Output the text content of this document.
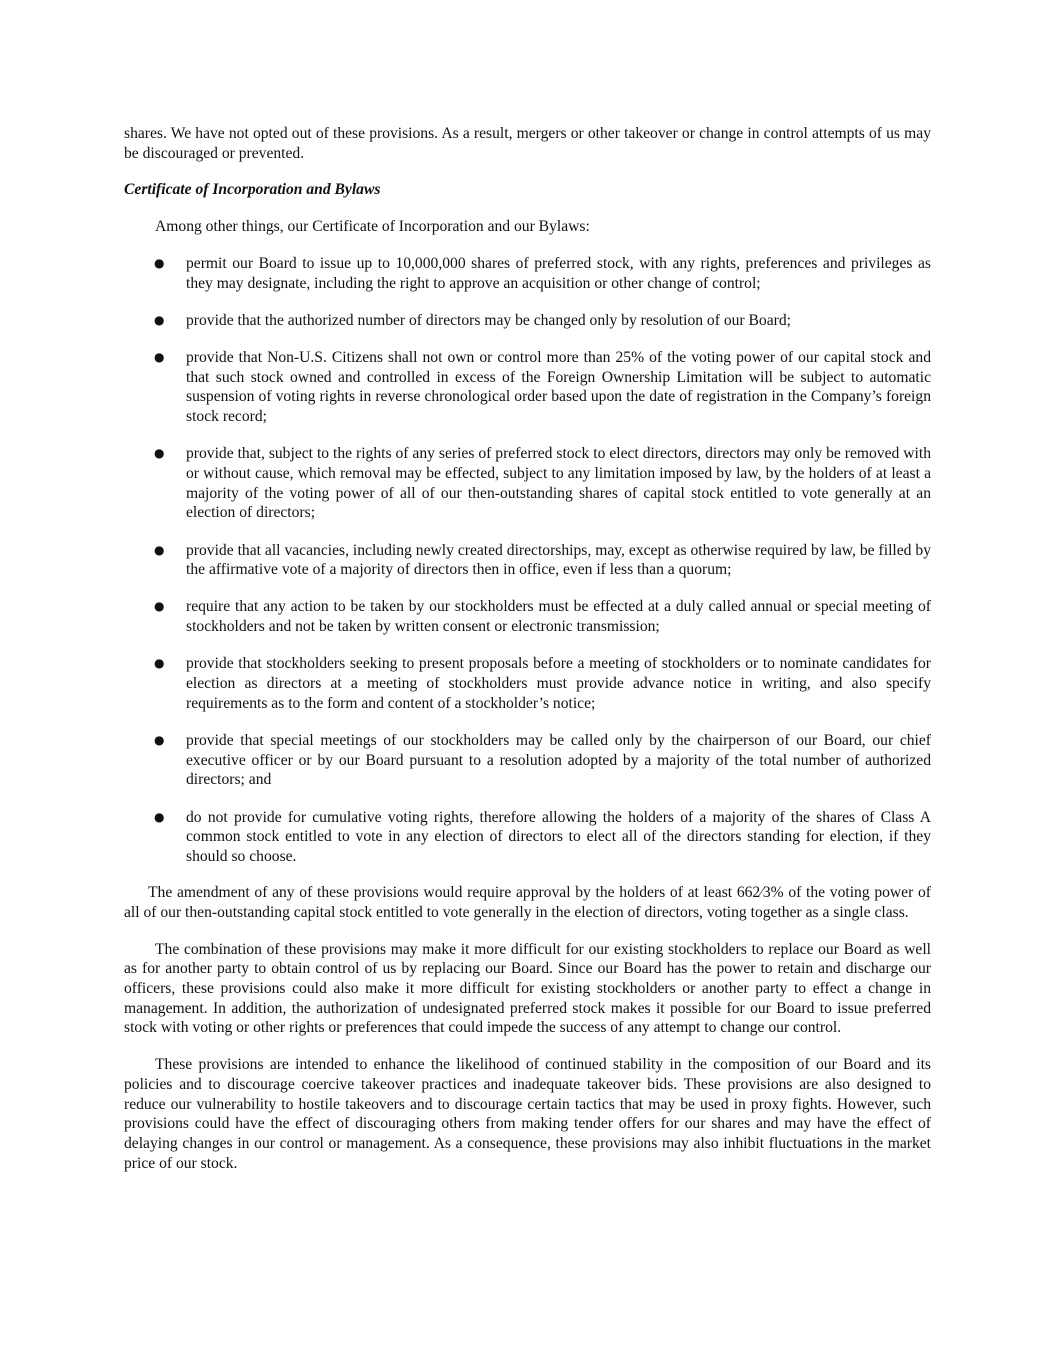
shares. We have not opted out of these provisions. As a result, mergers or other takeover or change in control attempts of us may be discouraged or prevented.

Certificate of Incorporation and Bylaws

Among other things, our Certificate of Incorporation and our Bylaws:

● permit our Board to issue up to 10,000,000 shares of preferred stock, with any rights, preferences and privileges as they may designate, including the right to approve an acquisition or other change of control;
● provide that the authorized number of directors may be changed only by resolution of our Board;
● provide that Non-U.S. Citizens shall not own or control more than 25% of the voting power of our capital stock and that such stock owned and controlled in excess of the Foreign Ownership Limitation will be subject to automatic suspension of voting rights in reverse chronological order based upon the date of registration in the Company’s foreign stock record;
● provide that, subject to the rights of any series of preferred stock to elect directors, directors may only be removed with or without cause, which removal may be effected, subject to any limitation imposed by law, by the holders of at least a majority of the voting power of all of our then-outstanding shares of capital stock entitled to vote generally at an election of directors;
● provide that all vacancies, including newly created directorships, may, except as otherwise required by law, be filled by the affirmative vote of a majority of directors then in office, even if less than a quorum;
● require that any action to be taken by our stockholders must be effected at a duly called annual or special meeting of stockholders and not be taken by written consent or electronic transmission;
● provide that stockholders seeking to present proposals before a meeting of stockholders or to nominate candidates for election as directors at a meeting of stockholders must provide advance notice in writing, and also specify requirements as to the form and content of a stockholder’s notice;
● provide that special meetings of our stockholders may be called only by the chairperson of our Board, our chief executive officer or by our Board pursuant to a resolution adopted by a majority of the total number of authorized directors; and
● do not provide for cumulative voting rights, therefore allowing the holders of a majority of the shares of Class A common stock entitled to vote in any election of directors to elect all of the directors standing for election, if they should so choose.

The amendment of any of these provisions would require approval by the holders of at least 662⁄3% of the voting power of all of our then-outstanding capital stock entitled to vote generally in the election of directors, voting together as a single class.

The combination of these provisions may make it more difficult for our existing stockholders to replace our Board as well as for another party to obtain control of us by replacing our Board. Since our Board has the power to retain and discharge our officers, these provisions could also make it more difficult for existing stockholders or another party to effect a change in management. In addition, the authorization of undesignated preferred stock makes it possible for our Board to issue preferred stock with voting or other rights or preferences that could impede the success of any attempt to change our control.

These provisions are intended to enhance the likelihood of continued stability in the composition of our Board and its policies and to discourage coercive takeover practices and inadequate takeover bids. These provisions are also designed to reduce our vulnerability to hostile takeovers and to discourage certain tactics that may be used in proxy fights. However, such provisions could have the effect of discouraging others from making tender offers for our shares and may have the effect of delaying changes in our control or management. As a consequence, these provisions may also inhibit fluctuations in the market price of our stock.
